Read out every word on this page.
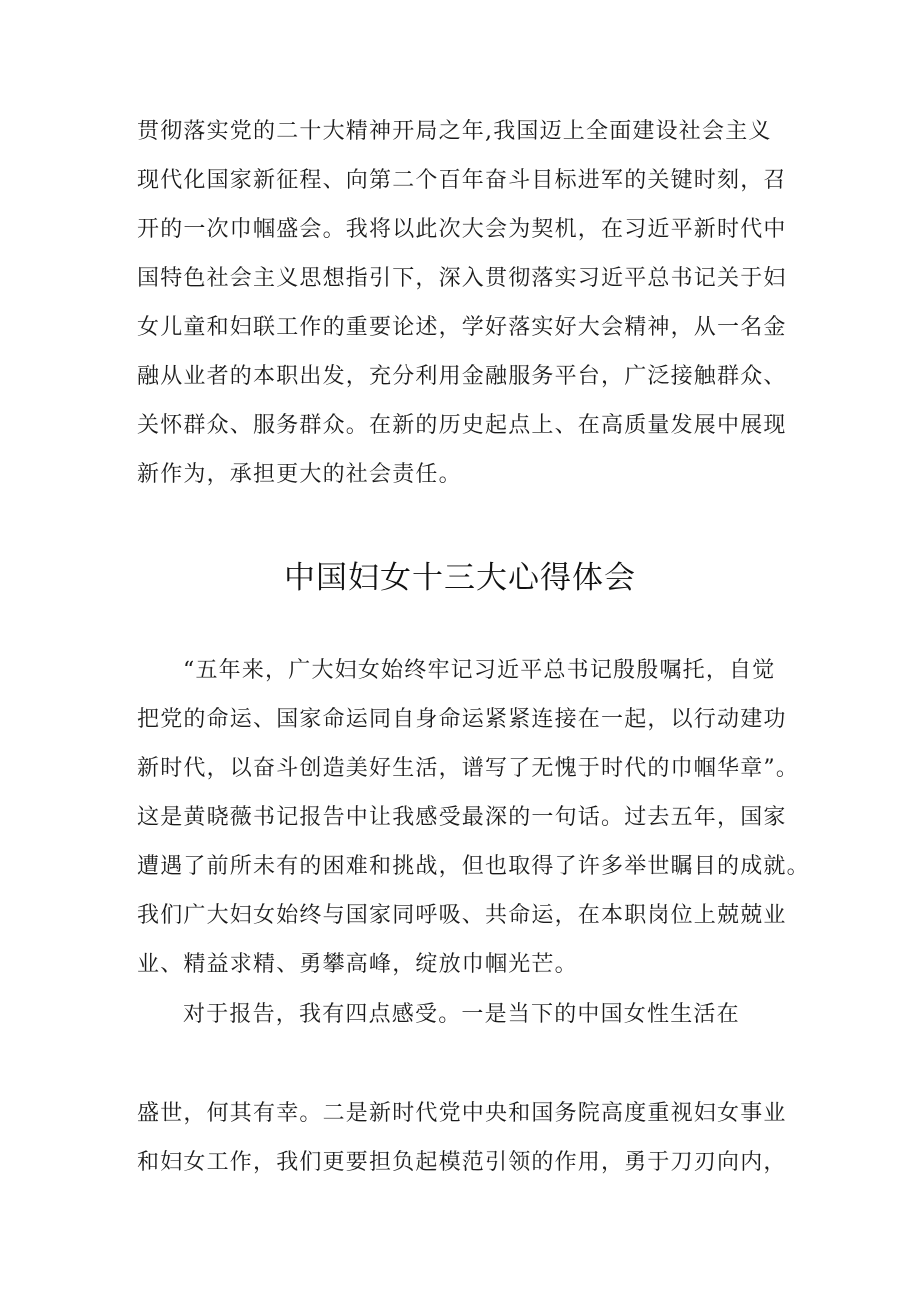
贯彻落实党的二十大精神开局之年,我国迈上全面建设社会主义
现代化国家新征程、向第二个百年奋斗目标进军的关键时刻，召
开的一次巾帼盛会。我将以此次大会为契机，在习近平新时代中
国特色社会主义思想指引下，深入贯彻落实习近平总书记关于妇
女儿童和妇联工作的重要论述，学好落实好大会精神，从一名金
融从业者的本职出发，充分利用金融服务平台，广泛接触群众、
关怀群众、服务群众。在新的历史起点上、在高质量发展中展现
新作为，承担更大的社会责任。
中国妇女十三大心得体会
“五年来，广大妇女始终牢记习近平总书记殷殷嘱托，自觉
把党的命运、国家命运同自身命运紧紧连接在一起，以行动建功
新时代，以奋斗创造美好生活，谱写了无愧于时代的巾帼华章”。
这是黄晓薇书记报告中让我感受最深的一句话。过去五年，国家
遭遇了前所未有的困难和挑战，但也取得了许多举世瞩目的成就。
我们广大妇女始终与国家同呼吸、共命运，在本职岗位上兢兢业
业、精益求精、勇攀高峰，绽放巾帼光芒。
对于报告，我有四点感受。一是当下的中国女性生活在
盛世，何其有幸。二是新时代党中央和国务院高度重视妇女事业
和妇女工作，我们更要担负起模范引领的作用，勇于刀刃向内，
